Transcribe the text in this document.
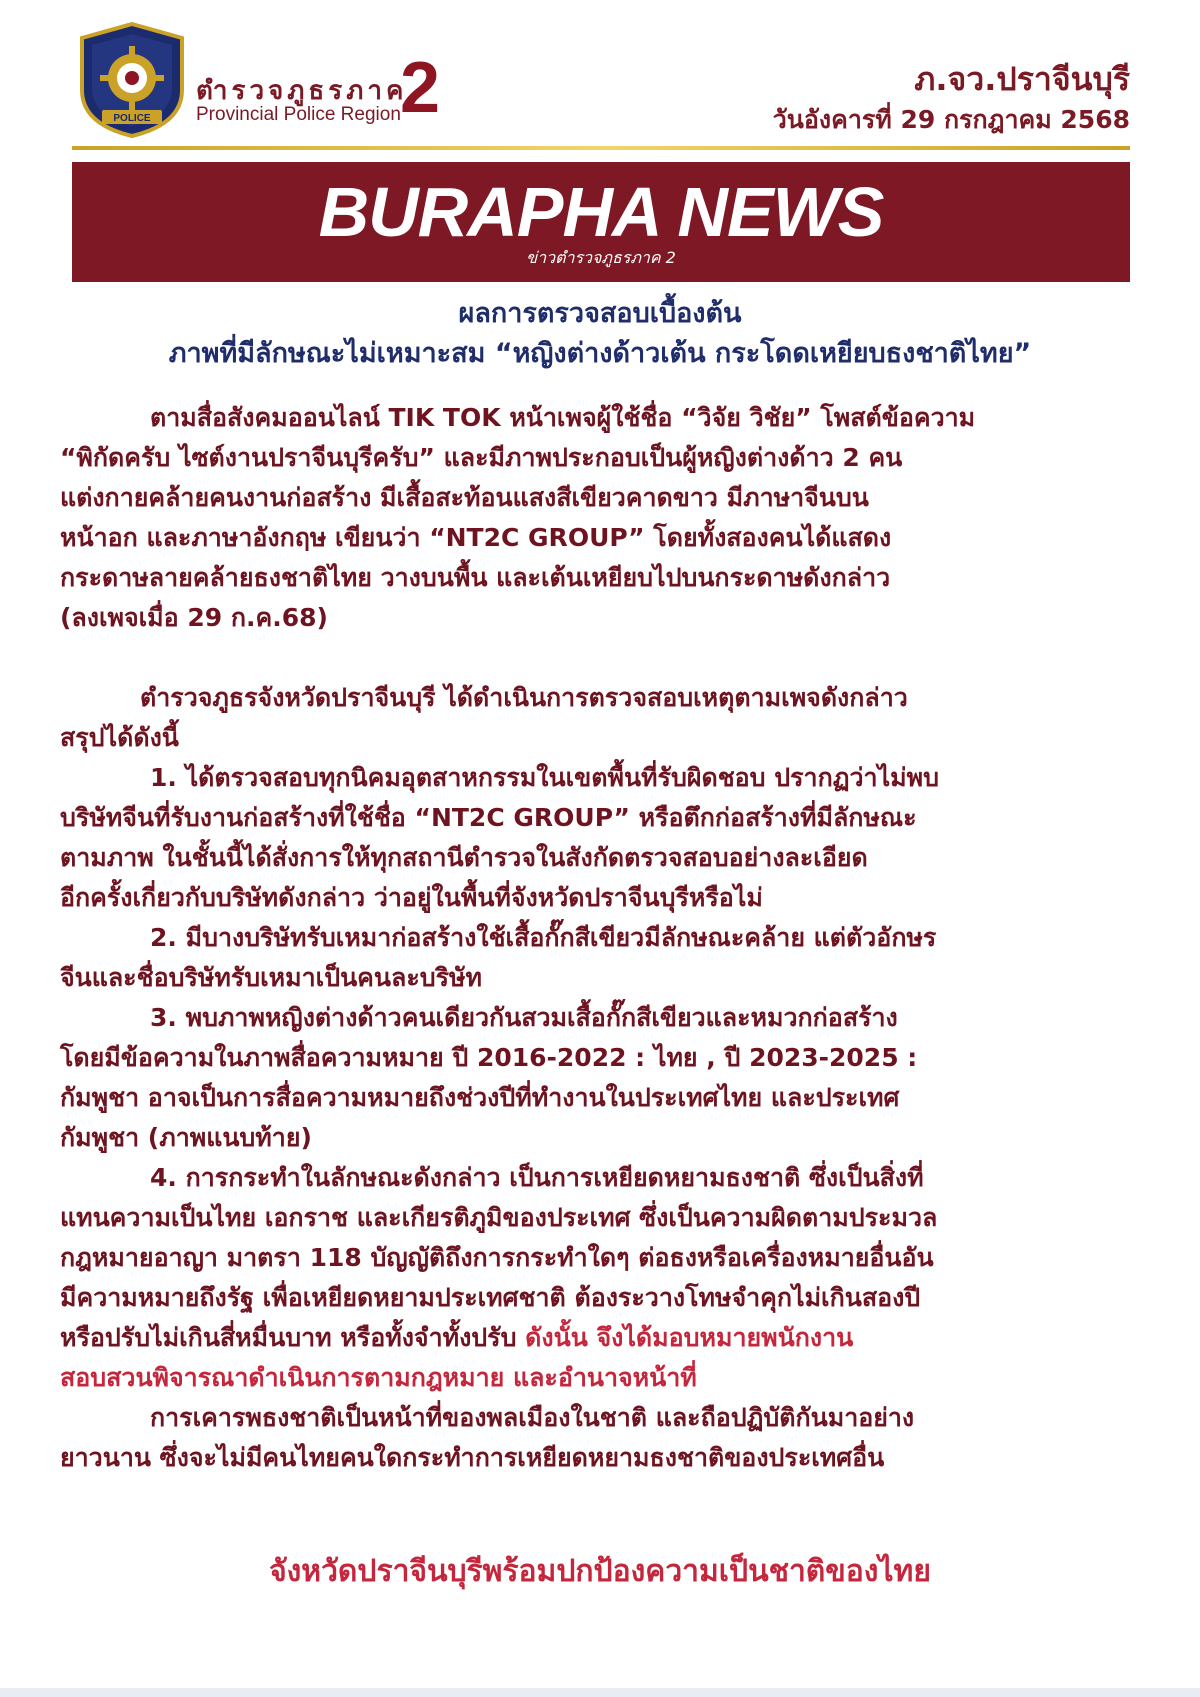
POLICE
ตำรวจภูธรภาค
Provincial Police Region 2	ภ.จว.ปราจีนบุรี
วันอังคารที่ 29 กรกฎาคม 2568
BURAPHA NEWS
ข่าวตำรวจภูธรภาค 2
ผลการตรวจสอบเบื้องต้น
ภาพที่มีลักษณะไม่เหมาะสม “หญิงต่างด้าวเต้น กระโดดเหยียบธงชาติไทย”
ตามสื่อสังคมออนไลน์ TIK TOK หน้าเพจผู้ใช้ชื่อ “วิจัย วิชัย” โพสต์ข้อความ
“พิกัดครับ ไซต์งานปราจีนบุรีครับ” และมีภาพประกอบเป็นผู้หญิงต่างด้าว 2 คน
แต่งกายคล้ายคนงานก่อสร้าง มีเสื้อสะท้อนแสงสีเขียวคาดขาว มีภาษาจีนบน
หน้าอก และภาษาอังกฤษ เขียนว่า “NT2C GROUP” โดยทั้งสองคนได้แสดง
กระดาษลายคล้ายธงชาติไทย วางบนพื้น และเต้นเหยียบไปบนกระดาษดังกล่าว
(ลงเพจเมื่อ 29 ก.ค.68)
ตำรวจภูธรจังหวัดปราจีนบุรี ได้ดำเนินการตรวจสอบเหตุตามเพจดังกล่าว
สรุปได้ดังนี้
1. ได้ตรวจสอบทุกนิคมอุตสาหกรรมในเขตพื้นที่รับผิดชอบ ปรากฏว่าไม่พบ
บริษัทจีนที่รับงานก่อสร้างที่ใช้ชื่อ “NT2C GROUP” หรือตึกก่อสร้างที่มีลักษณะ
ตามภาพ ในชั้นนี้ได้สั่งการให้ทุกสถานีตำรวจในสังกัดตรวจสอบอย่างละเอียด
อีกครั้งเกี่ยวกับบริษัทดังกล่าว ว่าอยู่ในพื้นที่จังหวัดปราจีนบุรีหรือไม่
2. มีบางบริษัทรับเหมาก่อสร้างใช้เสื้อกั๊กสีเขียวมีลักษณะคล้าย แต่ตัวอักษร
จีนและชื่อบริษัทรับเหมาเป็นคนละบริษัท
3. พบภาพหญิงต่างด้าวคนเดียวกันสวมเสื้อกั๊กสีเขียวและหมวกก่อสร้าง
โดยมีข้อความในภาพสื่อความหมาย ปี 2016-2022 : ไทย , ปี 2023-2025 :
กัมพูชา อาจเป็นการสื่อความหมายถึงช่วงปีที่ทำงานในประเทศไทย และประเทศ
กัมพูชา (ภาพแนบท้าย)
4. การกระทำในลักษณะดังกล่าว เป็นการเหยียดหยามธงชาติ ซึ่งเป็นสิ่งที่
แทนความเป็นไทย เอกราช และเกียรติภูมิของประเทศ ซึ่งเป็นความผิดตามประมวล
กฎหมายอาญา มาตรา 118 บัญญัติถึงการกระทำใดๆ ต่อธงหรือเครื่องหมายอื่นอัน
มีความหมายถึงรัฐ เพื่อเหยียดหยามประเทศชาติ ต้องระวางโทษจำคุกไม่เกินสองปี
หรือปรับไม่เกินสี่หมื่นบาท หรือทั้งจำทั้งปรับ ดังนั้น จึงได้มอบหมายพนักงาน
สอบสวนพิจารณาดำเนินการตามกฎหมาย และอำนาจหน้าที่
การเคารพธงชาติเป็นหน้าที่ของพลเมืองในชาติ และถือปฏิบัติกันมาอย่าง
ยาวนาน ซึ่งจะไม่มีคนไทยคนใดกระทำการเหยียดหยามธงชาติของประเทศอื่น
จังหวัดปราจีนบุรีพร้อมปกป้องความเป็นชาติของไทย
